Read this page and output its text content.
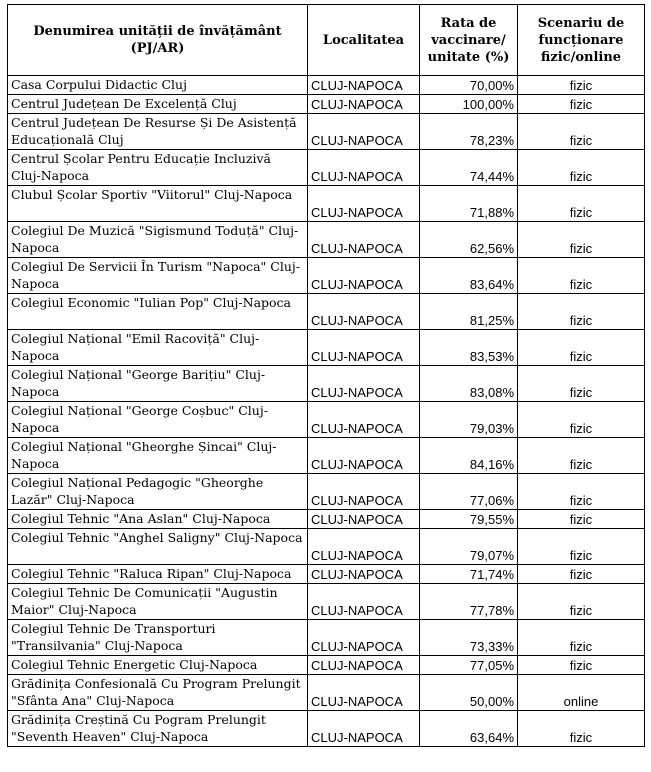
Denumirea unității de învățământ (PJ/AR)	Localitatea	Rata de vaccinare/ unitate (%)	Scenariu de funcționare fizic/online
Casa Corpului Didactic Cluj	CLUJ-NAPOCA	70,00%	fizic
Centrul Județean De Excelență Cluj	CLUJ-NAPOCA	100,00%	fizic
Centrul Județean De Resurse Și De Asistență Educațională Cluj	CLUJ-NAPOCA	78,23%	fizic
Centrul Școlar Pentru Educație Incluzivă Cluj-Napoca	CLUJ-NAPOCA	74,44%	fizic
Clubul Școlar Sportiv "Viitorul" Cluj-Napoca	CLUJ-NAPOCA	71,88%	fizic
Colegiul De Muzică "Sigismund Toduță" Cluj-Napoca	CLUJ-NAPOCA	62,56%	fizic
Colegiul De Servicii În Turism "Napoca" Cluj-Napoca	CLUJ-NAPOCA	83,64%	fizic
Colegiul Economic "Iulian Pop" Cluj-Napoca	CLUJ-NAPOCA	81,25%	fizic
Colegiul Național "Emil Racoviță" Cluj-Napoca	CLUJ-NAPOCA	83,53%	fizic
Colegiul Național "George Barițiu" Cluj-Napoca	CLUJ-NAPOCA	83,08%	fizic
Colegiul Național "George Coșbuc" Cluj-Napoca	CLUJ-NAPOCA	79,03%	fizic
Colegiul Național "Gheorghe Șincai" Cluj-Napoca	CLUJ-NAPOCA	84,16%	fizic
Colegiul Național Pedagogic "Gheorghe Lazăr" Cluj-Napoca	CLUJ-NAPOCA	77,06%	fizic
Colegiul Tehnic "Ana Aslan" Cluj-Napoca	CLUJ-NAPOCA	79,55%	fizic
Colegiul Tehnic "Anghel Saligny" Cluj-Napoca	CLUJ-NAPOCA	79,07%	fizic
Colegiul Tehnic "Raluca Ripan" Cluj-Napoca	CLUJ-NAPOCA	71,74%	fizic
Colegiul Tehnic De Comunicații "Augustin Maior" Cluj-Napoca	CLUJ-NAPOCA	77,78%	fizic
Colegiul Tehnic De Transporturi "Transilvania" Cluj-Napoca	CLUJ-NAPOCA	73,33%	fizic
Colegiul Tehnic Energetic Cluj-Napoca	CLUJ-NAPOCA	77,05%	fizic
Grădinița Confesională Cu Program Prelungit "Sfânta Ana" Cluj-Napoca	CLUJ-NAPOCA	50,00%	online
Grădinița Creștină Cu Pogram Prelungit "Seventh Heaven" Cluj-Napoca	CLUJ-NAPOCA	63,64%	fizic
